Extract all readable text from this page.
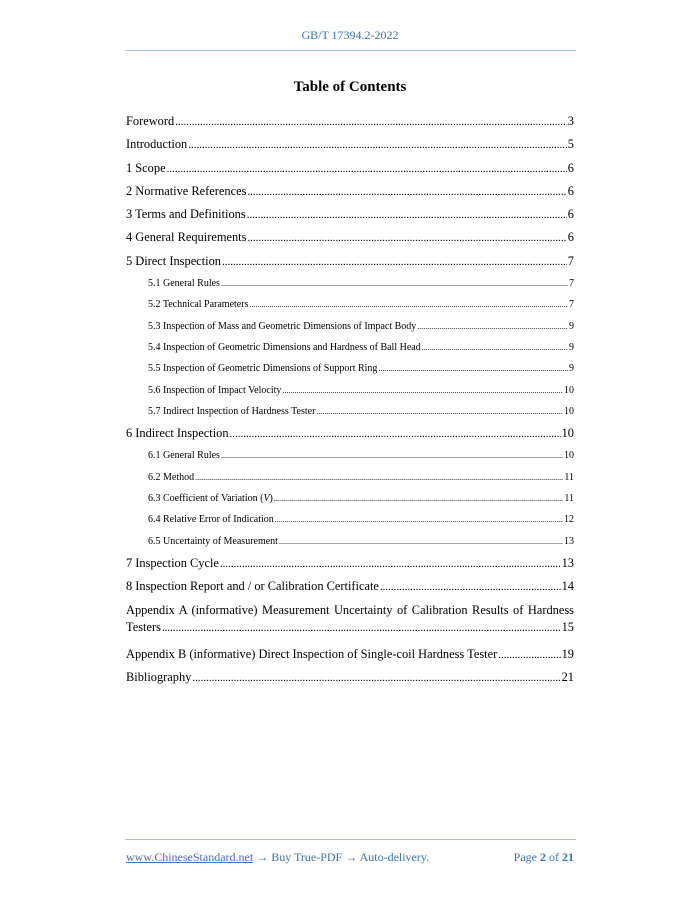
GB/T 17394.2-2022
Table of Contents
Foreword .....	3
Introduction .....	5
1 Scope .....	6
2 Normative References .....	6
3 Terms and Definitions .....	6
4 General Requirements .....	6
5 Direct Inspection .....	7
5.1 General Rules .....	7
5.2 Technical Parameters .....	7
5.3 Inspection of Mass and Geometric Dimensions of Impact Body .....	9
5.4 Inspection of Geometric Dimensions and Hardness of Ball Head .....	9
5.5 Inspection of Geometric Dimensions of Support Ring .....	9
5.6 Inspection of Impact Velocity .....	10
5.7 Indirect Inspection of Hardness Tester .....	10
6 Indirect Inspection .....	10
6.1 General Rules .....	10
6.2 Method .....	11
6.3 Coefficient of Variation (V) .....	11
6.4 Relative Error of Indication .....	12
6.5 Uncertainty of Measurement .....	13
7 Inspection Cycle .....	13
8 Inspection Report and / or Calibration Certificate .....	14
Appendix A (informative) Measurement Uncertainty of Calibration Results of Hardness
Testers .....	15
Appendix B (informative) Direct Inspection of Single-coil Hardness Tester .....	19
Bibliography .....	21
www.ChineseStandard.net → Buy True-PDF → Auto-delivery.	Page 2 of 21
